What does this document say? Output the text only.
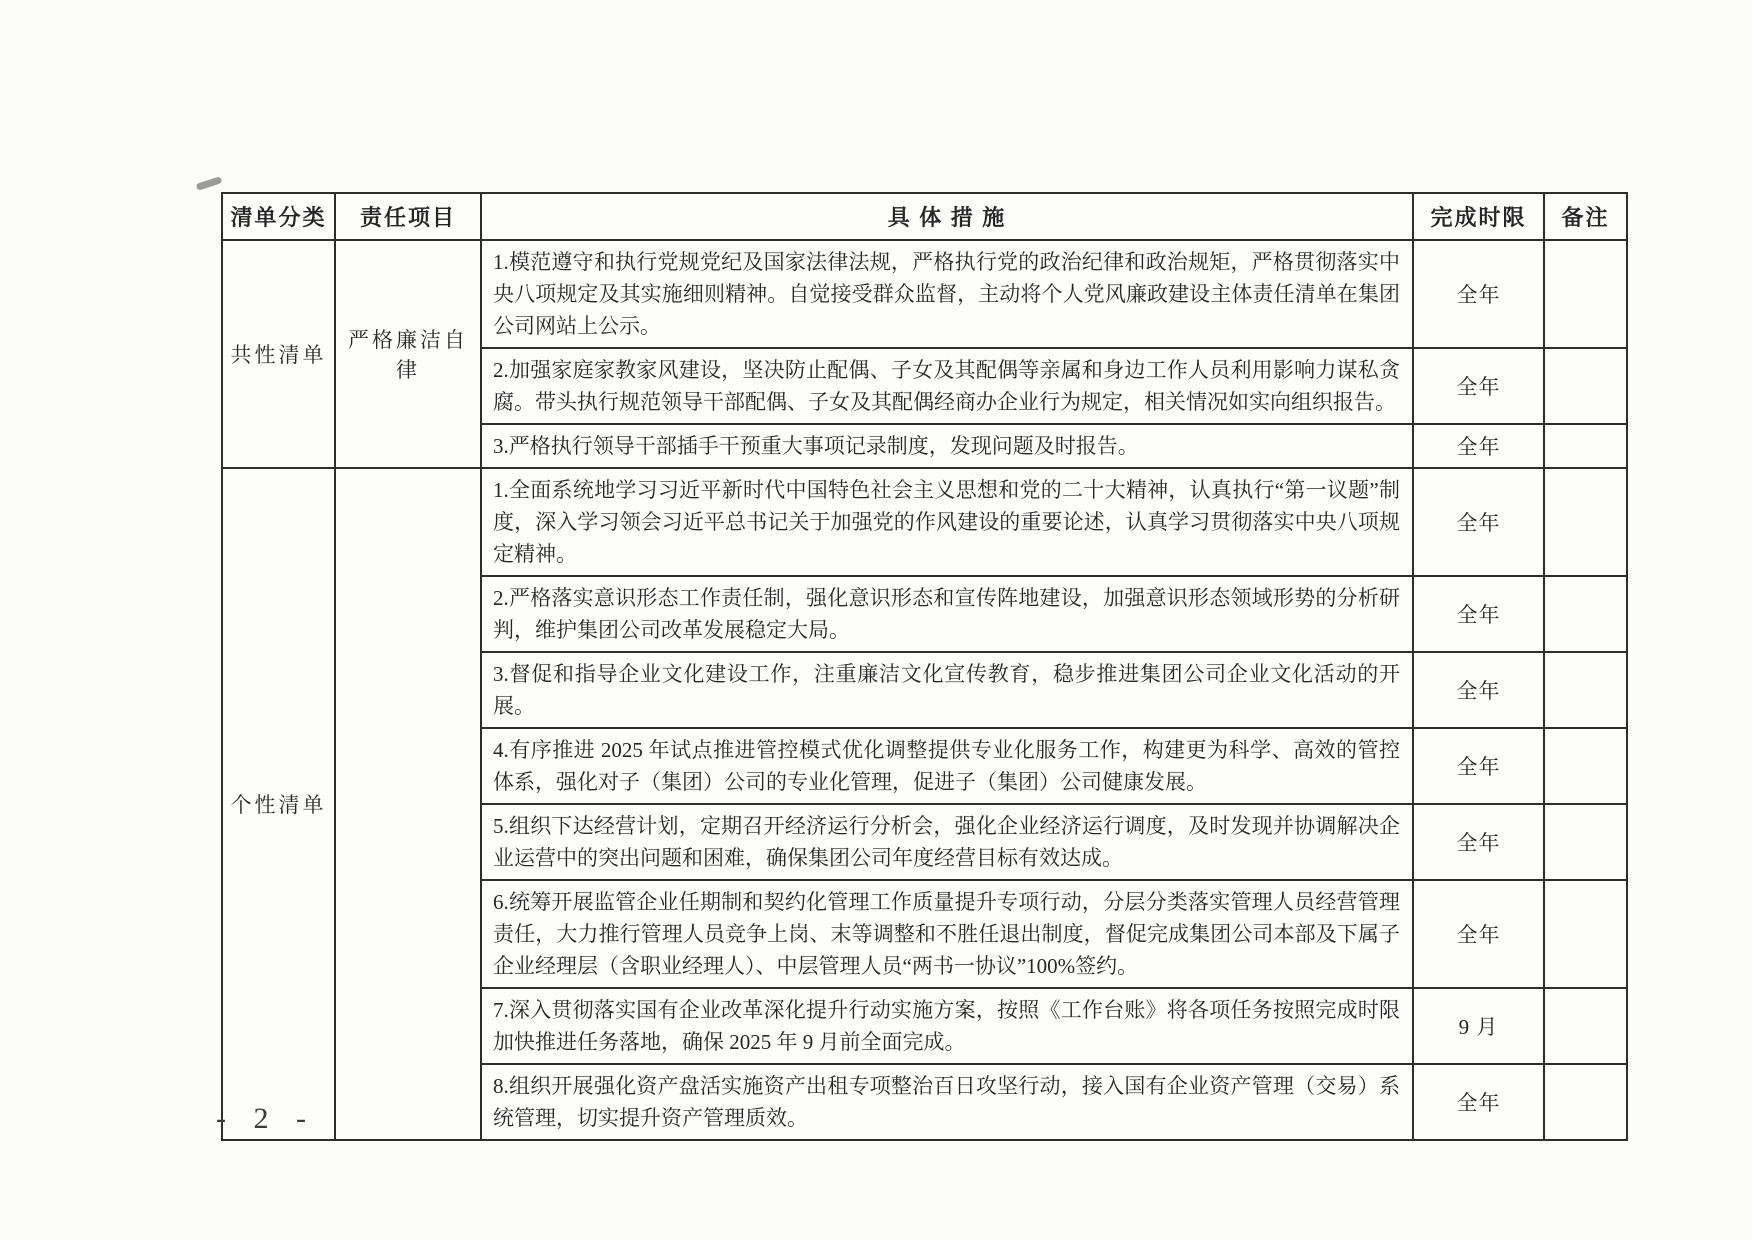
清单分类	责任项目	具 体 措 施	完成时限	备注
共性清单	严格廉洁自律	1.模范遵守和执行党规党纪及国家法律法规，严格执行党的政治纪律和政治规矩，严格贯彻落实中央八项规定及其实施细则精神。自觉接受群众监督，主动将个人党风廉政建设主体责任清单在集团公司网站上公示。	全年	
		2.加强家庭家教家风建设，坚决防止配偶、子女及其配偶等亲属和身边工作人员利用影响力谋私贪腐。带头执行规范领导干部配偶、子女及其配偶经商办企业行为规定，相关情况如实向组织报告。	全年	
		3.严格执行领导干部插手干预重大事项记录制度，发现问题及时报告。	全年	
个性清单		1.全面系统地学习习近平新时代中国特色社会主义思想和党的二十大精神，认真执行“第一议题”制度，深入学习领会习近平总书记关于加强党的作风建设的重要论述，认真学习贯彻落实中央八项规定精神。	全年	
		2.严格落实意识形态工作责任制，强化意识形态和宣传阵地建设，加强意识形态领域形势的分析研判，维护集团公司改革发展稳定大局。	全年	
		3.督促和指导企业文化建设工作，注重廉洁文化宣传教育，稳步推进集团公司企业文化活动的开展。	全年	
		4.有序推进 2025 年试点推进管控模式优化调整提供专业化服务工作，构建更为科学、高效的管控体系，强化对子（集团）公司的专业化管理，促进子（集团）公司健康发展。	全年	
		5.组织下达经营计划，定期召开经济运行分析会，强化企业经济运行调度，及时发现并协调解决企业运营中的突出问题和困难，确保集团公司年度经营目标有效达成。	全年	
		6.统筹开展监管企业任期制和契约化管理工作质量提升专项行动，分层分类落实管理人员经营管理责任，大力推行管理人员竞争上岗、末等调整和不胜任退出制度，督促完成集团公司本部及下属子企业经理层（含职业经理人）、中层管理人员“两书一协议”100%签约。	全年	
		7.深入贯彻落实国有企业改革深化提升行动实施方案，按照《工作台账》将各项任务按照完成时限加快推进任务落地，确保 2025 年 9 月前全面完成。	9 月	
		8.组织开展强化资产盘活实施资产出租专项整治百日攻坚行动，接入国有企业资产管理（交易）系统管理，切实提升资产管理质效。	全年	
- 2 -
